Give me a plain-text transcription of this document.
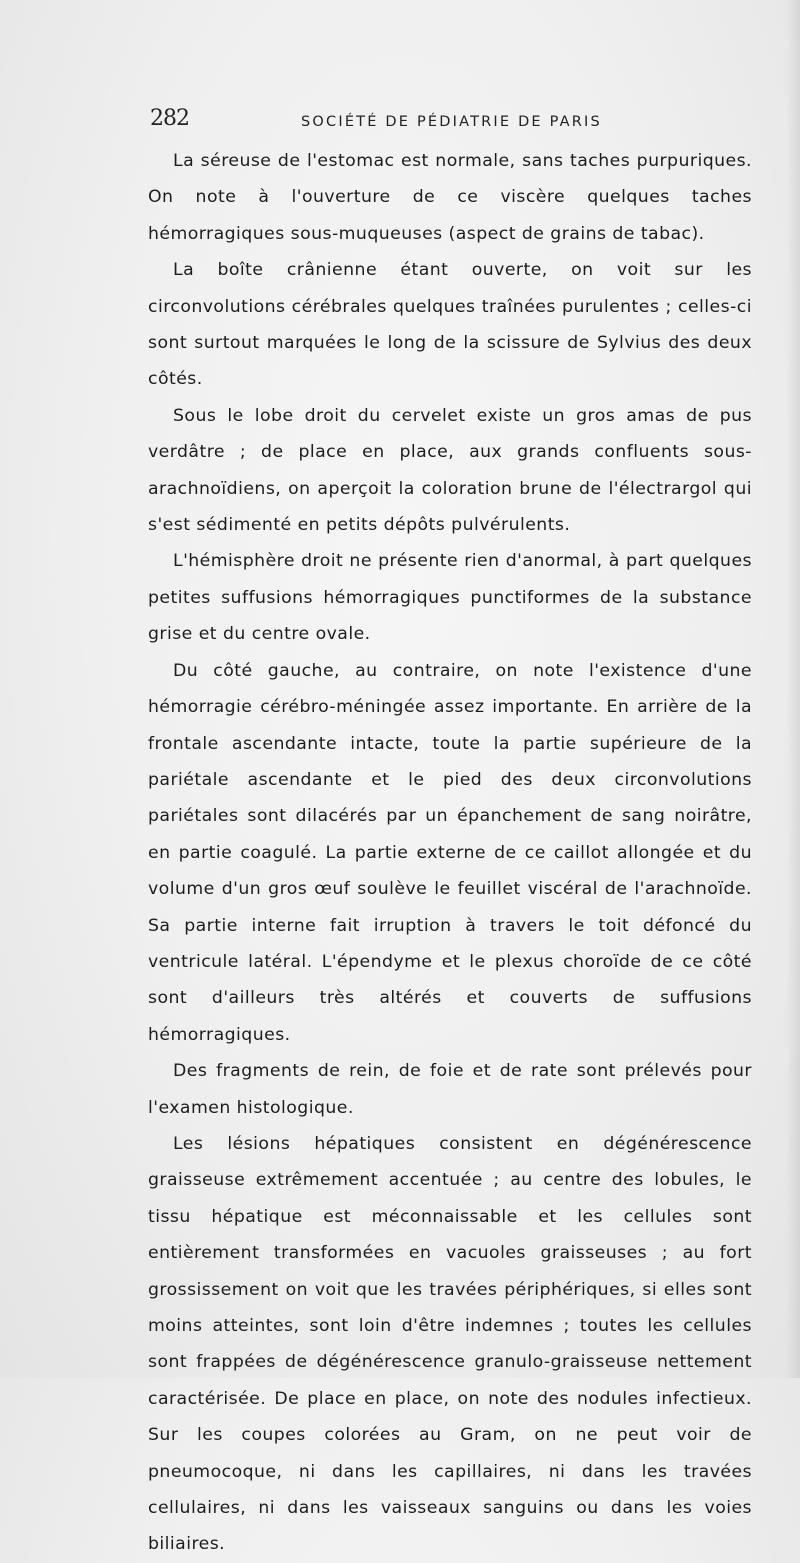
282	SOCIÉTÉ DE PÉDIATRIE DE PARIS

La séreuse de l'estomac est normale, sans taches purpuriques. On note à l'ouverture de ce viscère quelques taches hémorragiques sous-muqueuses (aspect de grains de tabac).

La boîte crânienne étant ouverte, on voit sur les circonvolutions cérébrales quelques traînées purulentes ; celles-ci sont surtout marquées le long de la scissure de Sylvius des deux côtés.

Sous le lobe droit du cervelet existe un gros amas de pus verdâtre ; de place en place, aux grands confluents sous-arachnoïdiens, on aperçoit la coloration brune de l'électrargol qui s'est sédimenté en petits dépôts pulvérulents.

L'hémisphère droit ne présente rien d'anormal, à part quelques petites suffusions hémorragiques punctiformes de la substance grise et du centre ovale.

Du côté gauche, au contraire, on note l'existence d'une hémorragie cérébro-méningée assez importante. En arrière de la frontale ascendante intacte, toute la partie supérieure de la pariétale ascendante et le pied des deux circonvolutions pariétales sont dilacérés par un épanchement de sang noirâtre, en partie coagulé. La partie externe de ce caillot allongée et du volume d'un gros œuf soulève le feuillet viscéral de l'arachnoïde. Sa partie interne fait irruption à travers le toit défoncé du ventricule latéral. L'épendyme et le plexus choroïde de ce côté sont d'ailleurs très altérés et couverts de suffusions hémorragiques.

Des fragments de rein, de foie et de rate sont prélevés pour l'examen histologique.

Les lésions hépatiques consistent en dégénérescence graisseuse extrêmement accentuée ; au centre des lobules, le tissu hépatique est méconnaissable et les cellules sont entièrement transformées en vacuoles graisseuses ; au fort grossissement on voit que les travées périphériques, si elles sont moins atteintes, sont loin d'être indemnes ; toutes les cellules sont frappées de dégénérescence granulo-graisseuse nettement caractérisée. De place en place, on note des nodules infectieux. Sur les coupes colorées au Gram, on ne peut voir de pneumocoque, ni dans les capillaires, ni dans les travées cellulaires, ni dans les vaisseaux sanguins ou dans les voies biliaires.
